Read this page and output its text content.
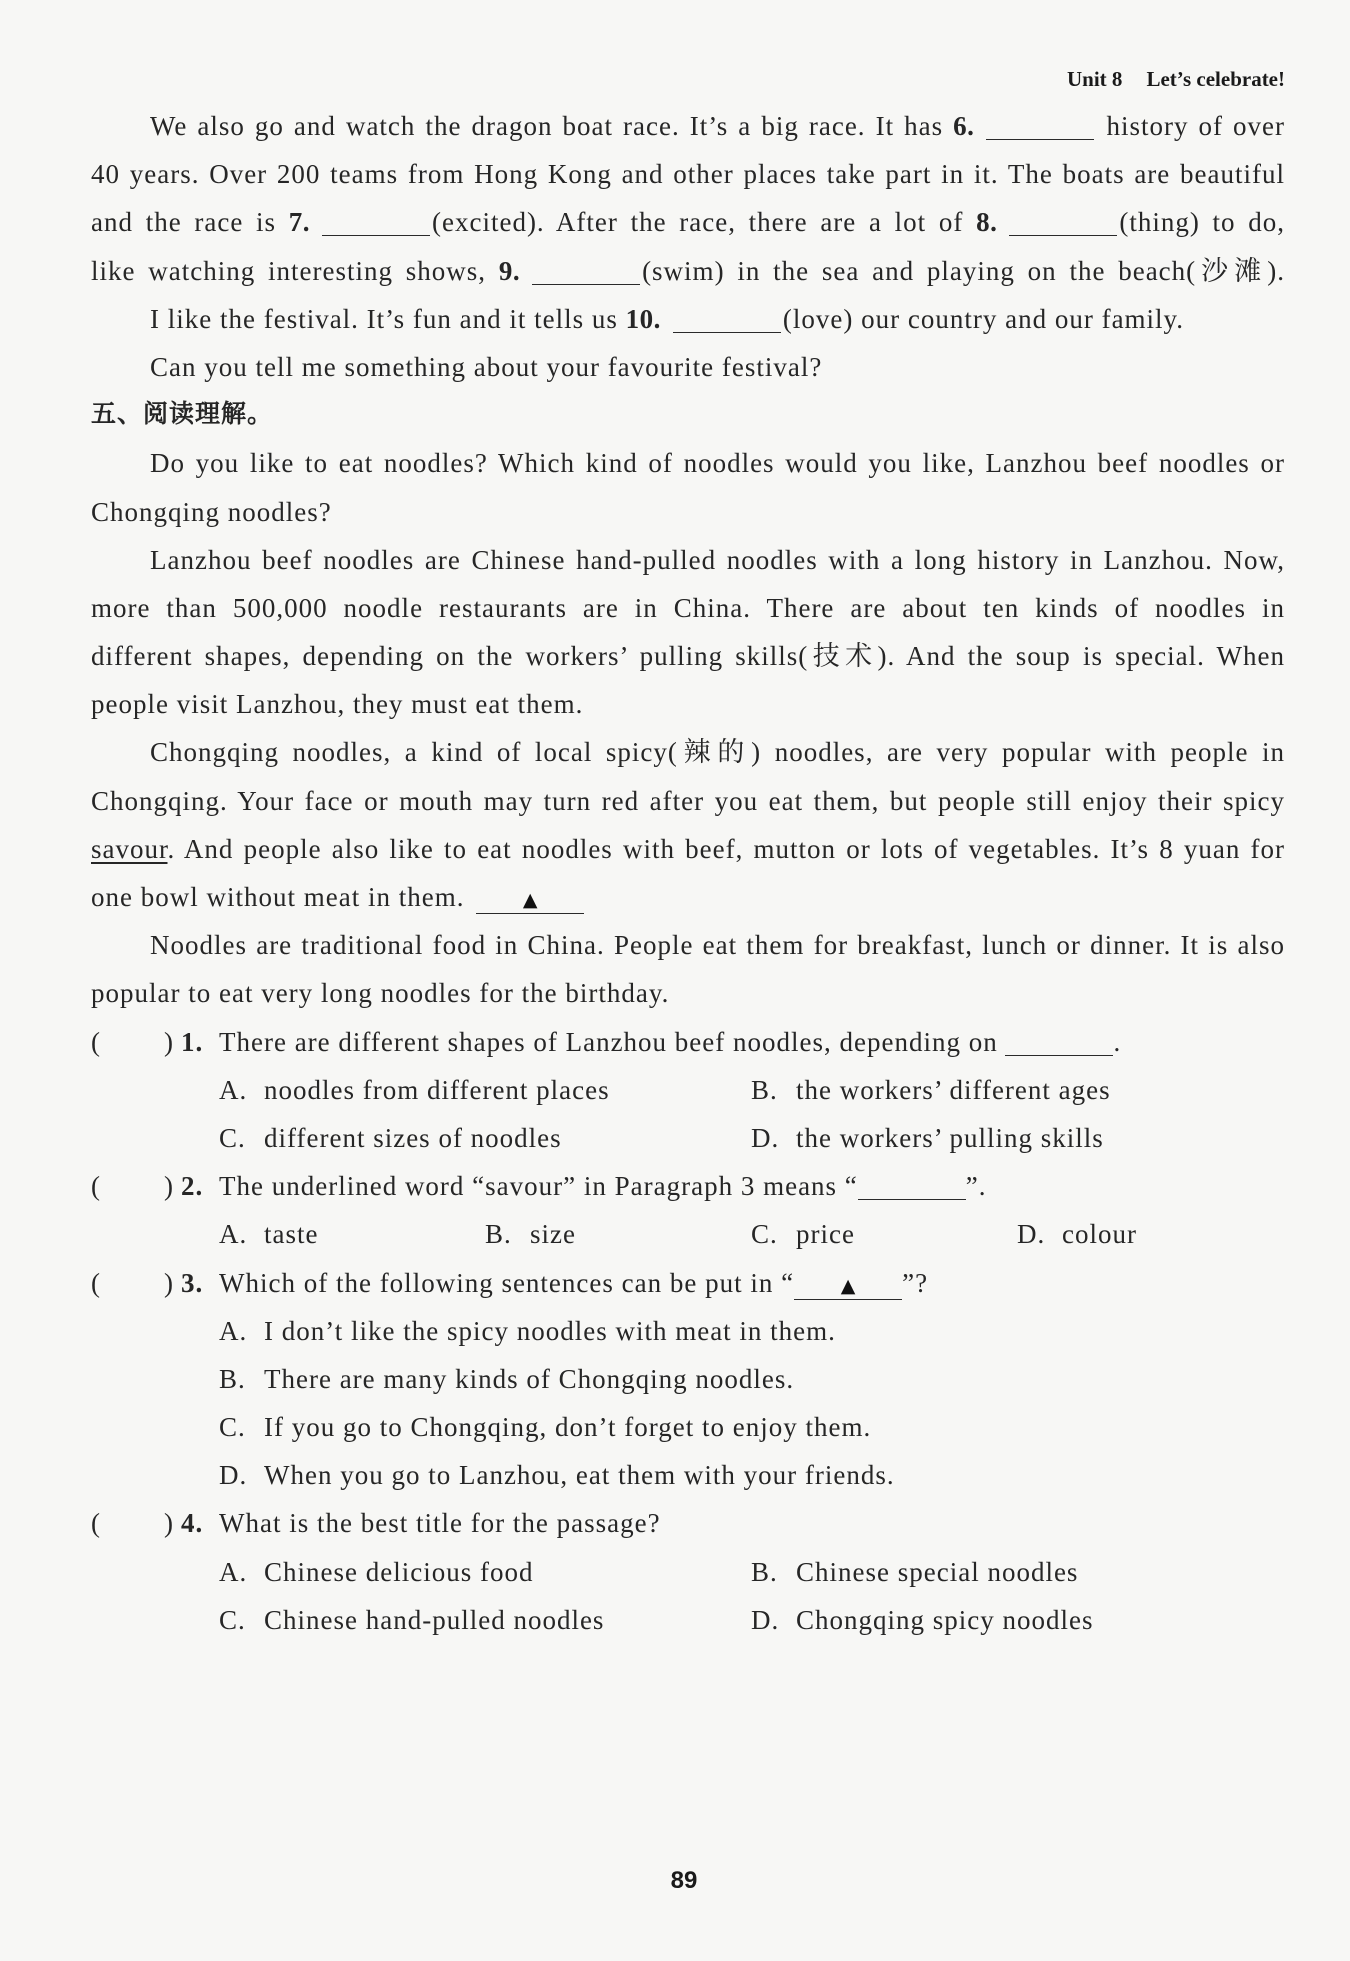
Unit 8 Let’s celebrate!
We also go and watch the dragon boat race. It’s a big race. It has 6.	history of over
40 years. Over 200 teams from Hong Kong and other places take part in it. The boats are beautiful
and the race is 7.	(excited). After the race, there are a lot of 8.	(thing) to do,
like watching interesting shows, 9.	(swim) in the sea and playing on the beach(沙滩).
I like the festival. It’s fun and it tells us 10.	(love) our country and our family.
Can you tell me something about your favourite festival?
五、阅读理解。
Do you like to eat noodles? Which kind of noodles would you like, Lanzhou beef noodles or
Chongqing noodles?
Lanzhou beef noodles are Chinese hand-pulled noodles with a long history in Lanzhou. Now,
more than 500,000 noodle restaurants are in China. There are about ten kinds of noodles in
different shapes, depending on the workers’ pulling skills(技术). And the soup is special. When
people visit Lanzhou, they must eat them.
Chongqing noodles, a kind of local spicy(辣的) noodles, are very popular with people in
Chongqing. Your face or mouth may turn red after you eat them, but people still enjoy their spicy
savour. And people also like to eat noodles with beef, mutton or lots of vegetables. It’s 8 yuan for
one bowl without meat in them.	▲
Noodles are traditional food in China. People eat them for breakfast, lunch or dinner. It is also
popular to eat very long noodles for the birthday.
( ) 1. There are different shapes of Lanzhou beef noodles, depending on	.
A. noodles from different places	B. the workers’ different ages
C. different sizes of noodles	D. the workers’ pulling skills
( ) 2. The underlined word “savour” in Paragraph 3 means “	”.
A. taste	B. size	C. price	D. colour
( ) 3. Which of the following sentences can be put in “ ▲ ”?
A. I don’t like the spicy noodles with meat in them.
B. There are many kinds of Chongqing noodles.
C. If you go to Chongqing, don’t forget to enjoy them.
D. When you go to Lanzhou, eat them with your friends.
( ) 4. What is the best title for the passage?
A. Chinese delicious food	B. Chinese special noodles
C. Chinese hand-pulled noodles	D. Chongqing spicy noodles
89
